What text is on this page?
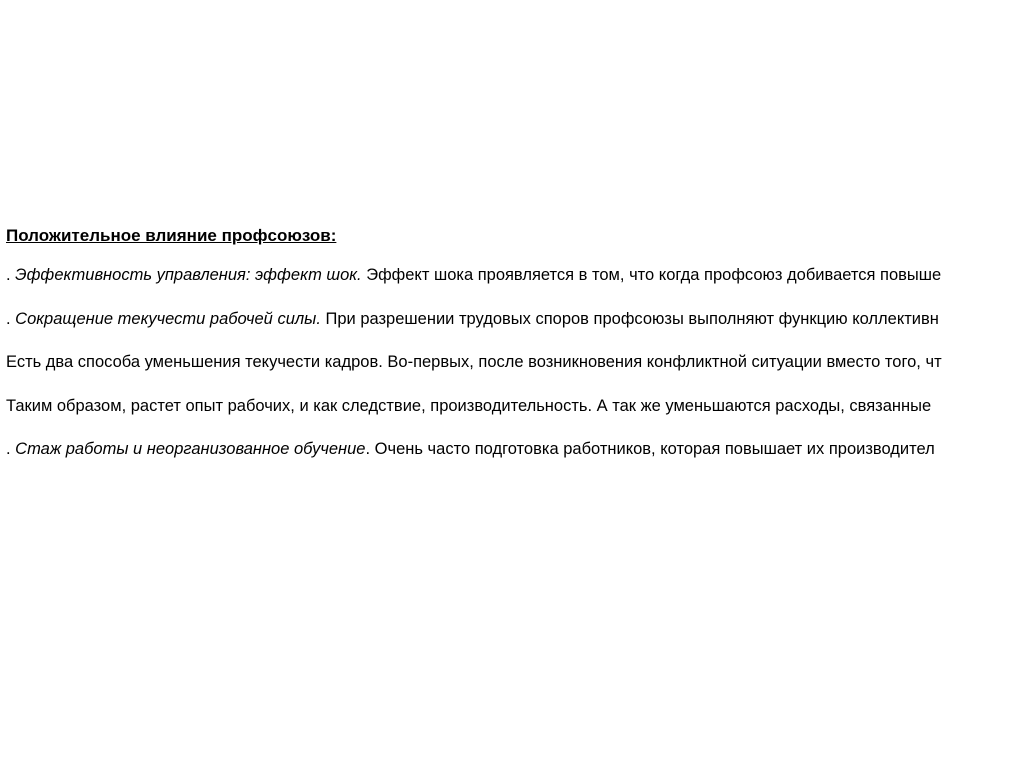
Положительное влияние профсоюзов:
. Эффективность управления: эффект шок. Эффект шока проявляется в том, что когда профсоюз добивается повыше
. Сокращение текучести рабочей силы. При разрешении трудовых споров профсоюзы выполняют функцию коллективн
Есть два способа уменьшения текучести кадров. Во-первых, после возникновения конфликтной ситуации вместо того, чт
Таким образом, растет опыт рабочих, и как следствие, производительность. А так же уменьшаются расходы, связанные
. Стаж работы и неорганизованное обучение. Очень часто подготовка работников, которая повышает их производител
